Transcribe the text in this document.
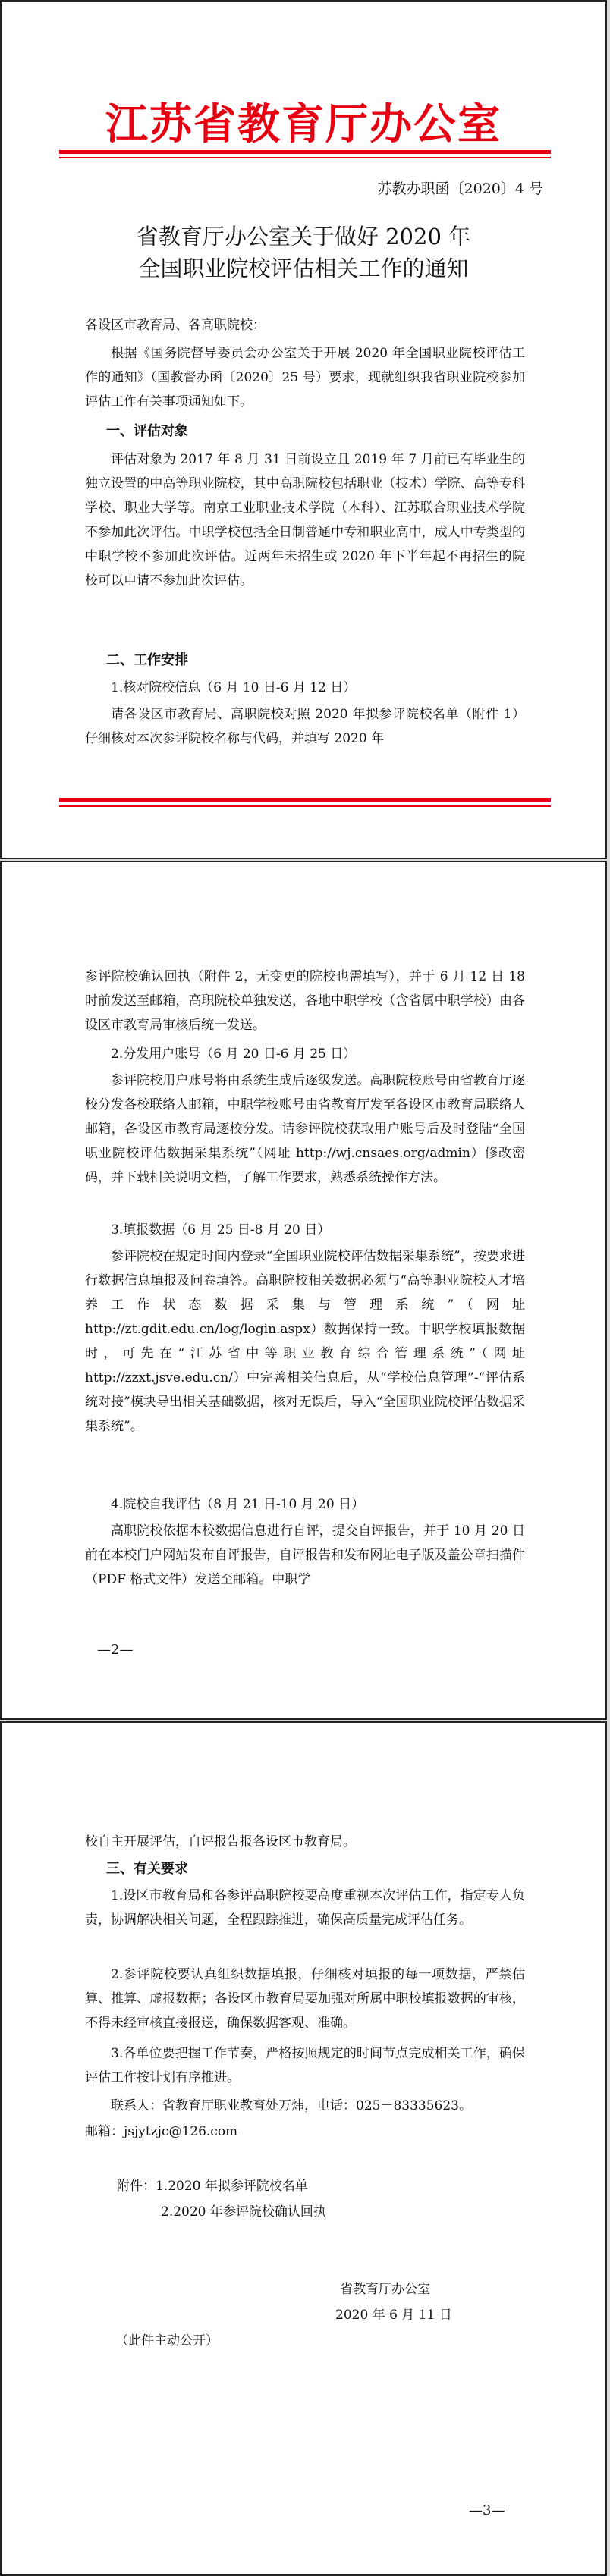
江苏省教育厅办公室
苏教办职函〔2020〕4 号
省教育厅办公室关于做好 2020 年
全国职业院校评估相关工作的通知
各设区市教育局、各高职院校：

根据《国务院督导委员会办公室关于开展 2020 年全国职业院校评估工作的通知》（国教督办函〔2020〕25 号）要求，现就组织我省职业院校参加评估工作有关事项通知如下。

一、评估对象

评估对象为 2017 年 8 月 31 日前设立且 2019 年 7 月前已有毕业生的独立设置的中高等职业院校，其中高职院校包括职业（技术）学院、高等专科学校、职业大学等。南京工业职业技术学院（本科）、江苏联合职业技术学院不参加此次评估。中职学校包括全日制普通中专和职业高中，成人中专类型的中职学校不参加此次评估。近两年未招生或 2020 年下半年起不再招生的院校可以申请不参加此次评估。

二、工作安排
1.核对院校信息（6 月 10 日-6 月 12 日）

请各设区市教育局、高职院校对照 2020 年拟参评院校名单（附件 1）仔细核对本次参评院校名称与代码，并填写 2020 年

参评院校确认回执（附件 2，无变更的院校也需填写），并于 6 月 12 日 18 时前发送至邮箱，高职院校单独发送，各地中职学校（含省属中职学校）由各设区市教育局审核后统一发送。

2.分发用户账号（6 月 20 日-6 月 25 日）

参评院校用户账号将由系统生成后逐级发送。高职院校账号由省教育厅逐校分发各校联络人邮箱，中职学校账号由省教育厅发至各设区市教育局联络人邮箱，各设区市教育局逐校分发。请参评院校获取用户账号后及时登陆“全国职业院校评估数据采集系统”（网址 http://wj.cnsaes.org/admin）修改密码，并下载相关说明文档，了解工作要求，熟悉系统操作方法。

3.填报数据（6 月 25 日-8 月 20 日）

参评院校在规定时间内登录“全国职业院校评估数据采集系统”，按要求进行数据信息填报及问卷填答。高职院校相关数据必须与“高等职业院校人才培养工作状态数据采集与管理系统”（网址 http://zt.gdit.edu.cn/log/login.aspx）数据保持一致。中职学校填报数据时，可先在“江苏省中等职业教育综合管理系统”（网址 http://zzxt.jsve.edu.cn/）中完善相关信息后，从“学校信息管理”-“评估系统对接”模块导出相关基础数据，核对无误后，导入“全国职业院校评估数据采集系统”。

4.院校自我评估（8 月 21 日-10 月 20 日）

高职院校依据本校数据信息进行自评，提交自评报告，并于 10 月 20 日前在本校门户网站发布自评报告，自评报告和发布网址电子版及盖公章扫描件（PDF 格式文件）发送至邮箱。中职学

—2—
校自主开展评估，自评报告报各设区市教育局。
三、有关要求

1.设区市教育局和各参评高职院校要高度重视本次评估工作，指定专人负责，协调解决相关问题，全程跟踪推进，确保高质量完成评估任务。

2.参评院校要认真组织数据填报，仔细核对填报的每一项数据，严禁估算、推算、虚报数据；各设区市教育局要加强对所属中职校填报数据的审核，不得未经审核直接报送，确保数据客观、准确。

3.各单位要把握工作节奏，严格按照规定的时间节点完成相关工作，确保评估工作按计划有序推进。

联系人：省教育厅职业教育处万炜，电话：025－83335623。
邮箱：jsjytzjc@126.com
附件：1.2020 年拟参评院校名单
2.2020 年参评院校确认回执
省教育厅办公室
2020 年 6 月 11 日
（此件主动公开）
—3—
